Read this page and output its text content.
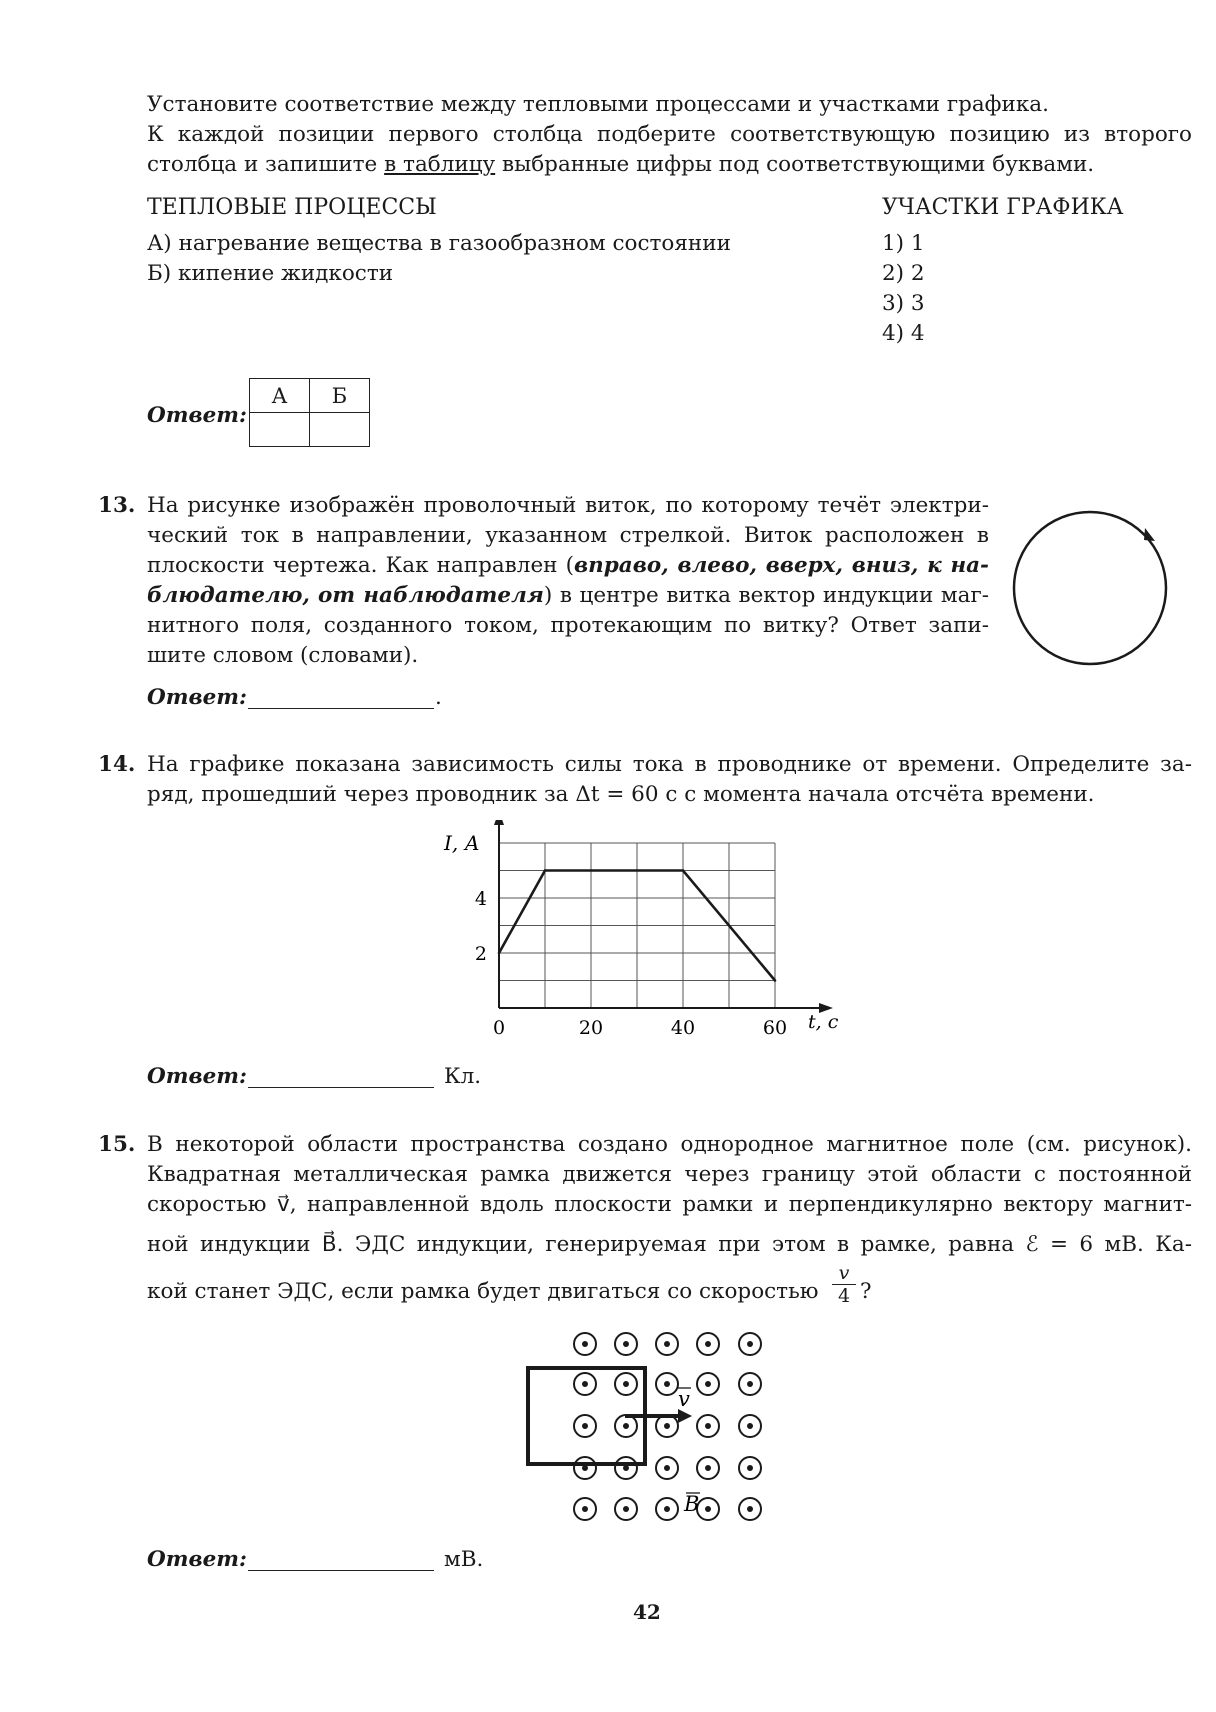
Установите соответствие между тепловыми процессами и участками графика.
К каждой позиции первого столбца подберите соответствующую позицию из второго
столбца и запишите в таблицу выбранные цифры под соответствующими буквами.
ТЕПЛОВЫЕ ПРОЦЕССЫ	УЧАСТКИ ГРАФИКА
А) нагревание вещества в газообразном состоянии
Б) кипение жидкости
1) 1
2) 2
3) 3
4) 4
Ответ:
А	Б

13. На рисунке изображён проволочный виток, по которому течёт электри-
ческий ток в направлении, указанном стрелкой. Виток расположен в
плоскости чертежа. Как направлен (вправо, влево, вверх, вниз, к на-
блюдателю, от наблюдателя) в центре витка вектор индукции маг-
нитного поля, созданного током, протекающим по витку? Ответ запи-
шите словом (словами).
Ответ:	.
14. На графике показана зависимость силы тока в проводнике от времени. Определите за-
ряд, прошедший через проводник за Δt = 60 с с момента начала отсчёта времени.
0	20	40	60
2
4
I, А
t, с
Ответ:	Кл.
15. В некоторой области пространства создано однородное магнитное поле (см. рисунок).
Квадратная металлическая рамка движется через границу этой области с постоянной
скоростью v⃗, направленной вдоль плоскости рамки и перпендикулярно вектору магнит-
ной индукции B⃗. ЭДС индукции, генерируемая при этом в рамке, равна ℰ = 6 мВ. Ка-
кой станет ЭДС, если рамка будет двигаться со скоростью $\frac{v}{4}$ ?
v
B
Ответ:	мВ.
42
